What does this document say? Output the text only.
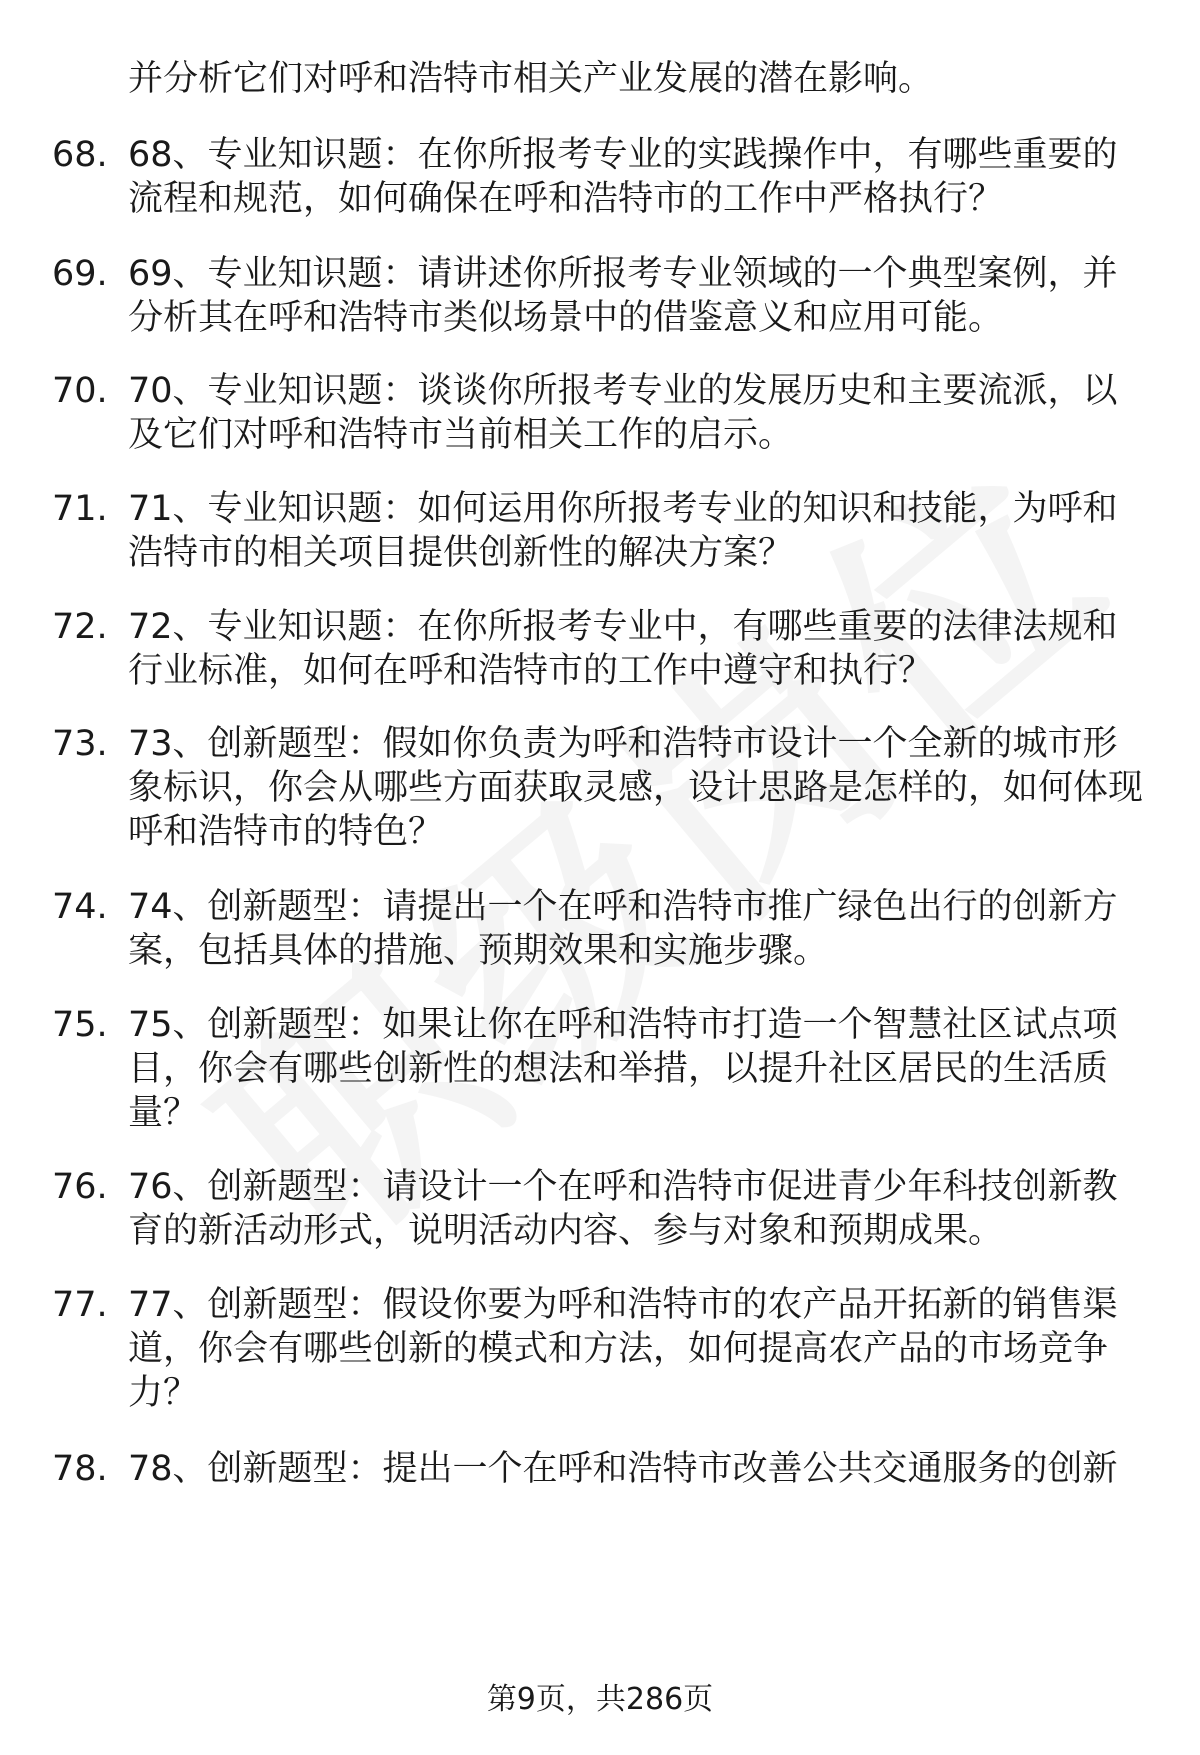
并分析它们对呼和浩特市相关产业发展的潜在影响。
68. 68、专业知识题：在你所报考专业的实践操作中，有哪些重要的流程和规范，如何确保在呼和浩特市的工作中严格执行？
69. 69、专业知识题：请讲述你所报考专业领域的一个典型案例，并分析其在呼和浩特市类似场景中的借鉴意义和应用可能。
70. 70、专业知识题：谈谈你所报考专业的发展历史和主要流派，以及它们对呼和浩特市当前相关工作的启示。
71. 71、专业知识题：如何运用你所报考专业的知识和技能，为呼和浩特市的相关项目提供创新性的解决方案？
72. 72、专业知识题：在你所报考专业中，有哪些重要的法律法规和行业标准，如何在呼和浩特市的工作中遵守和执行？
73. 73、创新题型：假如你负责为呼和浩特市设计一个全新的城市形象标识，你会从哪些方面获取灵感，设计思路是怎样的，如何体现呼和浩特市的特色？
74. 74、创新题型：请提出一个在呼和浩特市推广绿色出行的创新方案，包括具体的措施、预期效果和实施步骤。
75. 75、创新题型：如果让你在呼和浩特市打造一个智慧社区试点项目，你会有哪些创新性的想法和举措，以提升社区居民的生活质量？
76. 76、创新题型：请设计一个在呼和浩特市促进青少年科技创新教育的新活动形式，说明活动内容、参与对象和预期成果。
77. 77、创新题型：假设你要为呼和浩特市的农产品开拓新的销售渠道，你会有哪些创新的模式和方法，如何提高农产品的市场竞争力？
78. 78、创新题型：提出一个在呼和浩特市改善公共交通服务的创新
第9页，共286页
